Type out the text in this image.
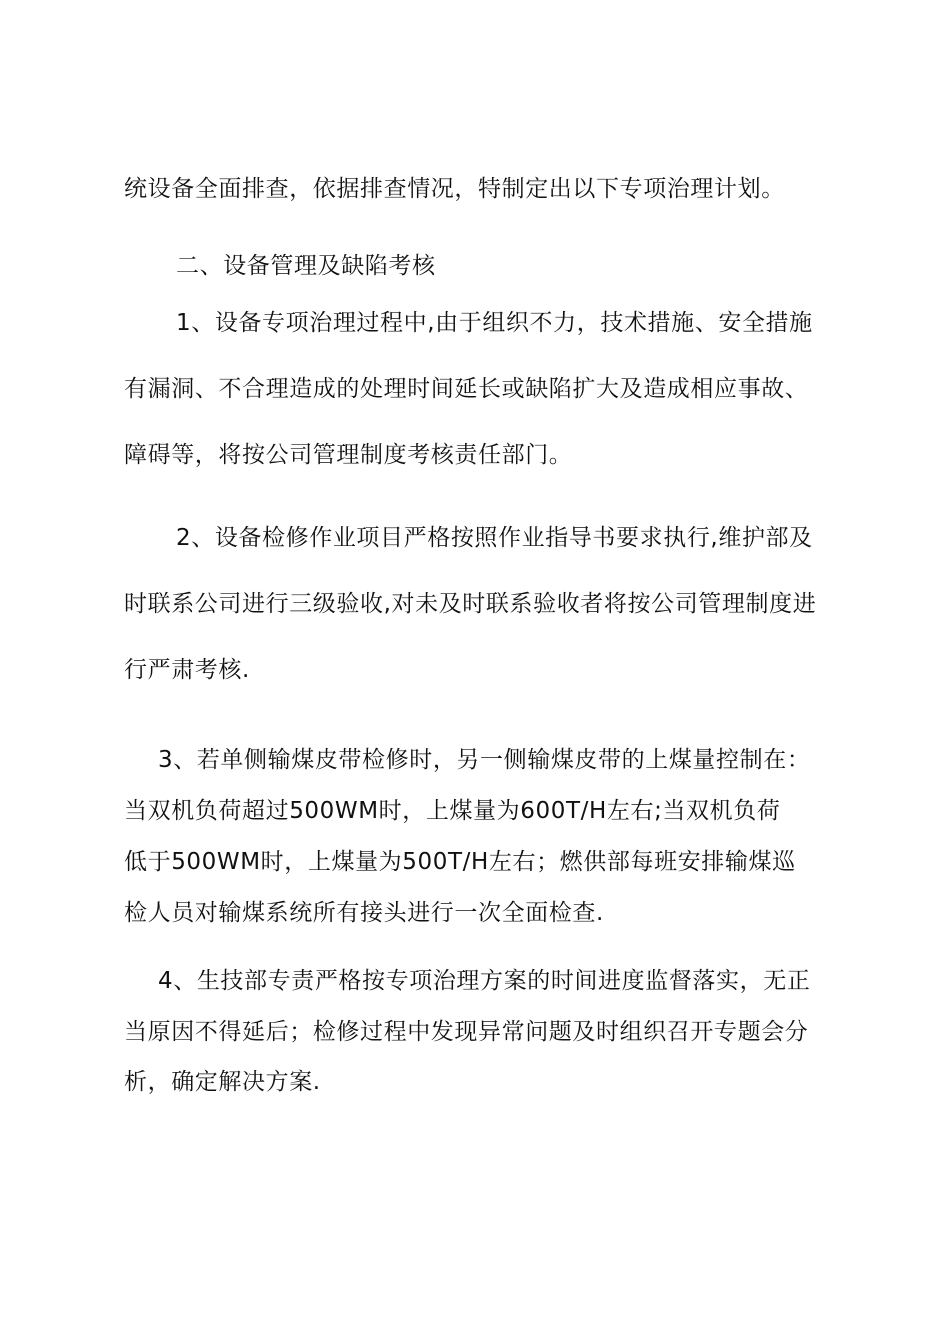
统设备全面排查，依据排查情况，特制定出以下专项治理计划。
二、设备管理及缺陷考核
1、设备专项治理过程中,由于组织不力，技术措施、安全措施
有漏洞、不合理造成的处理时间延长或缺陷扩大及造成相应事故、
障碍等，将按公司管理制度考核责任部门。
2、设备检修作业项目严格按照作业指导书要求执行,维护部及
时联系公司进行三级验收,对未及时联系验收者将按公司管理制度进
行严肃考核.
3、若单侧输煤皮带检修时，另一侧输煤皮带的上煤量控制在：
当双机负荷超过500WM时，上煤量为600T/H左右;当双机负荷
低于500WM时，上煤量为500T/H左右；燃供部每班安排输煤巡
检人员对输煤系统所有接头进行一次全面检查.
4、生技部专责严格按专项治理方案的时间进度监督落实，无正
当原因不得延后；检修过程中发现异常问题及时组织召开专题会分
析，确定解决方案.
